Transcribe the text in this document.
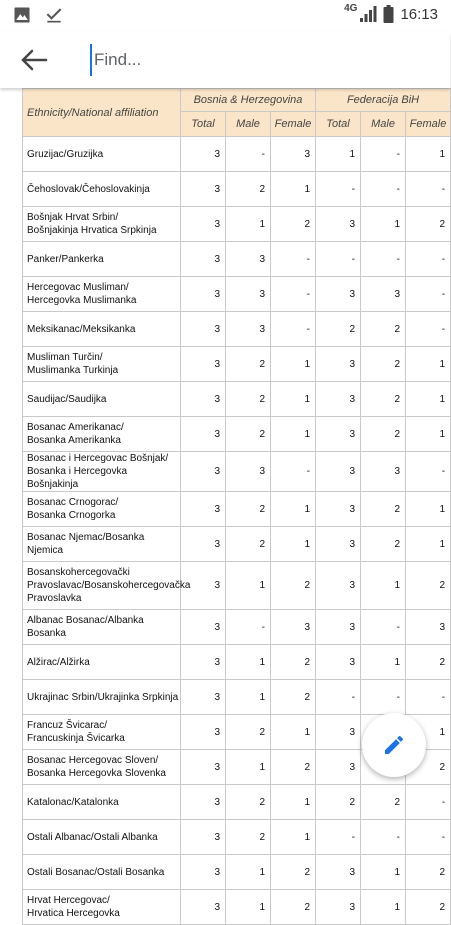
4G	16:13
Find...
Ethnicity/National affiliation	Bosnia & Herzegovina			Federacija BiH		
	Total	Male	Female	Total	Male	Female
Gruzijac/Gruzijka	3	-	3	1	-	1
Čehoslovak/Čehoslovakinja	3	2	1	-	-	-
Bošnjak Hrvat Srbin/
Bošnjakinja Hrvatica Srpkinja	3	1	2	3	1	2
Panker/Pankerka	3	3	-	-	-	-
Hercegovac Musliman/
Hercegovka Muslimanka	3	3	-	3	3	-
Meksikanac/Meksikanka	3	3	-	2	2	-
Musliman Turčin/
Muslimanka Turkinja	3	2	1	3	2	1
Saudijac/Saudijka	3	2	1	3	2	1
Bosanac Amerikanac/
Bosanka Amerikanka	3	2	1	3	2	1
Bosanac i Hercegovac Bošnjak/
Bosanka i Hercegovka Bošnjakinja	3	3	-	3	3	-
Bosanac Crnogorac/
Bosanka Crnogorka	3	2	1	3	2	1
Bosanac Njemac/Bosanka Njemica	3	2	1	3	2	1
Bosanskohercegovački
Pravoslavac/Bosanskohercegovačka
Pravoslavka	3	1	2	3	1	2
Albanac Bosanac/Albanka Bosanka	3	-	3	3	-	3
Alžirac/Alžirka	3	1	2	3	1	2
Ukrajinac Srbin/Ukrajinka Srpkinja	3	1	2	-	-	-
Francuz Švicarac/
Francuskinja Švicarka	3	2	1	3		1
Bosanac Hercegovac Sloven/
Bosanka Hercegovka Slovenka	3	1	2	3		2
Katalonac/Katalonka	3	2	1	2	2	-
Ostali Albanac/Ostali Albanka	3	2	1	-	-	-
Ostali Bosanac/Ostali Bosanka	3	1	2	3	1	2
Hrvat Hercegovac/
Hrvatica Hercegovka	3	1	2	3	1	2
